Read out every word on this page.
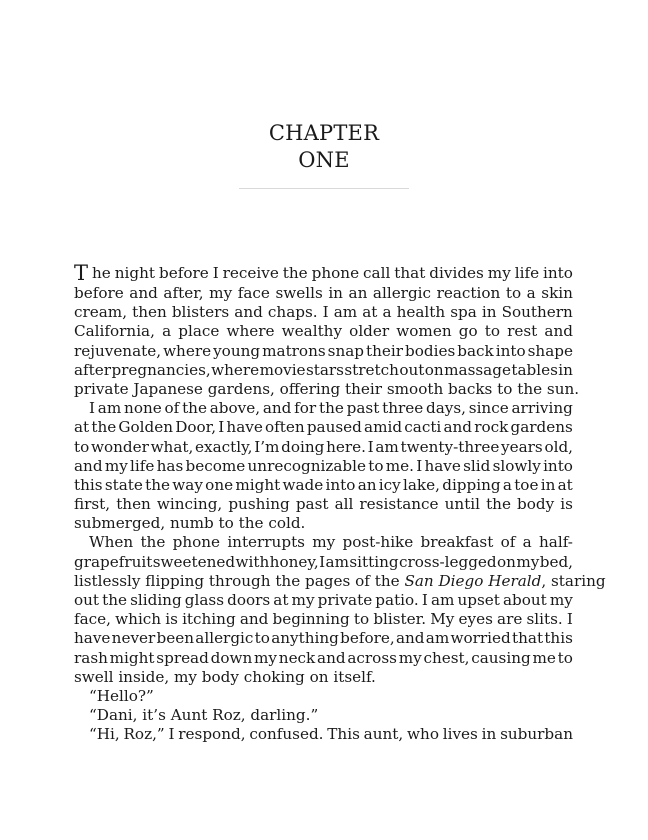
CHAPTER
ONE
T he night before I receive the phone call that divides my life into
before and after, my face swells in an allergic reaction to a skin
cream, then blisters and chaps. I am at a health spa in Southern
California, a place where wealthy older women go to rest and
rejuvenate, where young matrons snap their bodies back into shape
after pregnancies, where movie stars stretch out on massage tables in
private Japanese gardens, offering their smooth backs to the sun.
I am none of the above, and for the past three days, since arriving
at the Golden Door, I have often paused amid cacti and rock gardens
to wonder what, exactly, I’m doing here. I am twenty-three years old,
and my life has become unrecognizable to me. I have slid slowly into
this state the way one might wade into an icy lake, dipping a toe in at
first, then wincing, pushing past all resistance until the body is
submerged, numb to the cold.
When the phone interrupts my post-hike breakfast of a half-
grapefruit sweetened with honey, I am sitting cross-legged on my bed,
listlessly flipping through the pages of the San Diego Herald, staring
out the sliding glass doors at my private patio. I am upset about my
face, which is itching and beginning to blister. My eyes are slits. I
have never been allergic to anything before, and am worried that this
rash might spread down my neck and across my chest, causing me to
swell inside, my body choking on itself.
“Hello?”
“Dani, it’s Aunt Roz, darling.”
“Hi, Roz,” I respond, confused. This aunt, who lives in suburban
